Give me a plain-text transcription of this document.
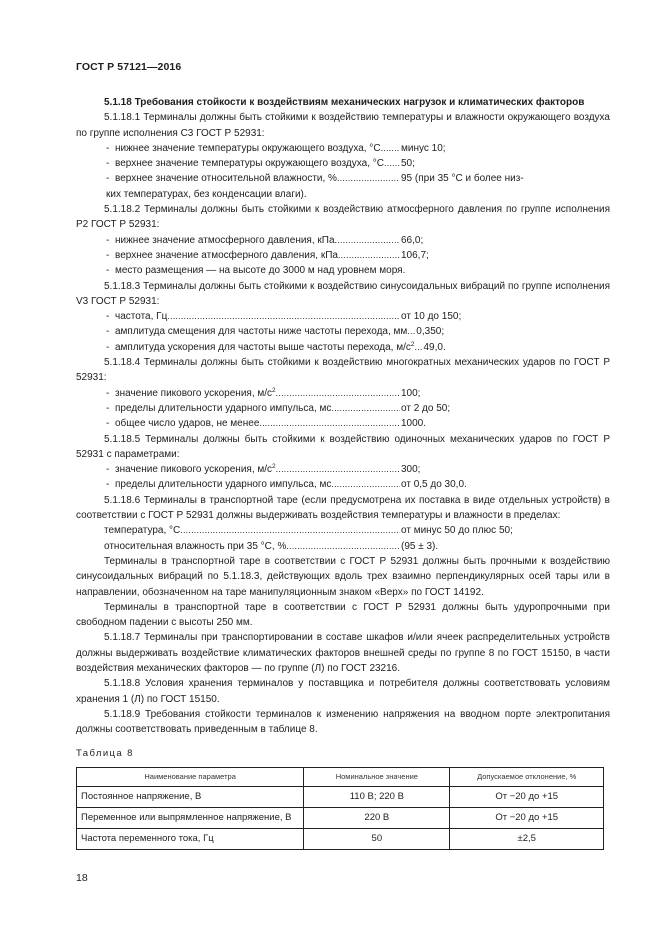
ГОСТ Р 57121—2016

5.1.18 Требования стойкости к воздействиям механических нагрузок и климатических факторов

5.1.18.1 Терминалы должны быть стойкими к воздействию температуры и влажности окружающего воздуха по группе исполнения С3 ГОСТ Р 52931:

- нижнее значение температуры окружающего воздуха, °С ..... минус 10;
- верхнее значение температуры окружающего воздуха, °С ..... 50;
- верхнее значение относительной влажности, % .....	95 (при 35 °С и более низ-
ких температурах, без конденсации влаги).

5.1.18.2 Терминалы должны быть стойкими к воздействию атмосферного давления по группе исполнения Р2 ГОСТ Р 52931:

- нижнее значение атмосферного давления, кПа .....	66,0;
- верхнее значение атмосферного давления, кПа .....	106,7;
- место размещения — на высоте до 3000 м над уровнем моря.

5.1.18.3 Терминалы должны быть стойкими к воздействию синусоидальных вибраций по группе исполнения V3 ГОСТ Р 52931:

- частота, Гц .....	от 10 до 150;
- амплитуда смещения для частоты ниже частоты перехода, мм ..... 0,350;
- амплитуда ускорения для частоты выше частоты перехода, $м/с^2$ ..... 49,0.

5.1.18.4 Терминалы должны быть стойкими к воздействию многократных механических ударов по ГОСТ Р 52931:

- значение пикового ускорения, $м/с^2$ .....	100;
- пределы длительности ударного импульса, мс .....	от 2 до 50;
- общее число ударов, не менее .....	1000.

5.1.18.5 Терминалы должны быть стойкими к воздействию одиночных механических ударов по ГОСТ Р 52931 с параметрами:

- значение пикового ускорения, $м/с^2$ .....	300;
- пределы длительности ударного импульса, мс .....	от 0,5 до 30,0.

5.1.18.6 Терминалы в транспортной таре (если предусмотрена их поставка в виде отдельных устройств) в соответствии с ГОСТ Р 52931 должны выдерживать воздействия температуры и влажности в пределах:

температура, °С .....	от минус 50 до плюс 50;
относительная влажность при 35 °С, % .....	(95 ± 3).

Терминалы в транспортной таре в соответствии с ГОСТ Р 52931 должны быть прочными к воздействию синусоидальных вибраций по 5.1.18.3, действующих вдоль трех взаимно перпендикулярных осей тары или в направлении, обозначенном на таре манипуляционным знаком «Верх» по ГОСТ 14192.

Терминалы в транспортной таре в соответствии с ГОСТ Р 52931 должны быть удуропрочными при свободном падении с высоты 250 мм.

5.1.18.7 Терминалы при транспортировании в составе шкафов и/или ячеек распределительных устройств должны выдерживать воздействие климатических факторов внешней среды по группе 8 по ГОСТ 15150, в части воздействия механических факторов — по группе (Л) по ГОСТ 23216.

5.1.18.8 Условия хранения терминалов у поставщика и потребителя должны соответствовать условиям хранения 1 (Л) по ГОСТ 15150.

5.1.18.9 Требования стойкости терминалов к изменению напряжения на вводном порте электропитания должны соответствовать приведенным в таблице 8.

Таблица 8
Наименование параметра	Номинальное значение	Допускаемое отклонение, %
Постоянное напряжение, В	110 В; 220 В	От −20 до +15
Переменное или выпрямленное напряжение, В	220 В	От −20 до +15
Частота переменного тока, Гц	50	±2,5
18
